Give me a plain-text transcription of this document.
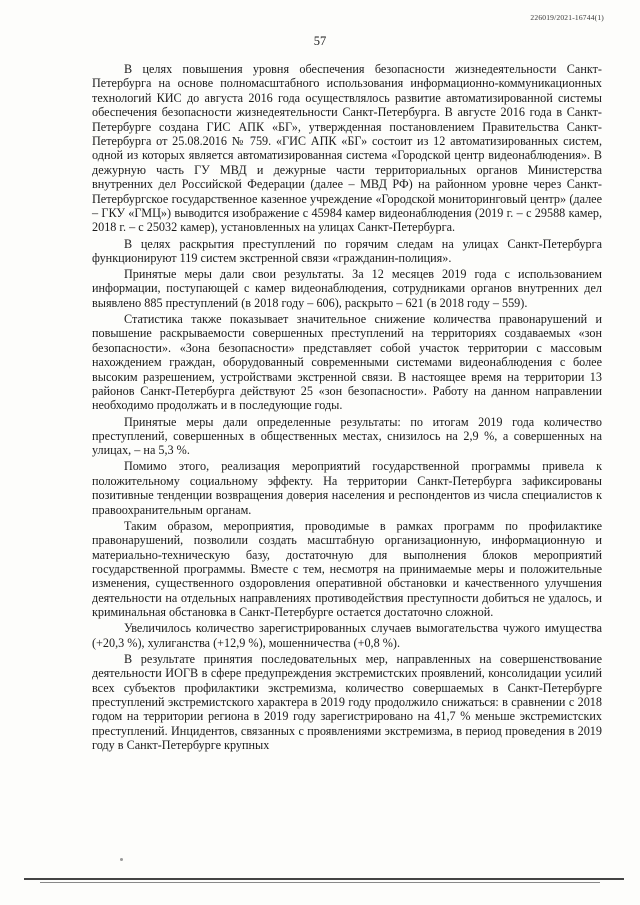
226019/2021-16744(1)
57

В целях повышения уровня обеспечения безопасности жизнедеятельности Санкт-Петербурга на основе полномасштабного использования информационно-коммуникационных технологий КИС до августа 2016 года осуществлялось развитие автоматизированной системы обеспечения безопасности жизнедеятельности Санкт-Петербурга. В августе 2016 года в Санкт-Петербурге создана ГИС АПК «БГ», утвержденная постановлением Правительства Санкт-Петербурга от 25.08.2016 № 759. «ГИС АПК «БГ» состоит из 12 автоматизированных систем, одной из которых является автоматизированная система «Городской центр видеонаблюдения». В дежурную часть ГУ МВД и дежурные части территориальных органов Министерства внутренних дел Российской Федерации (далее – МВД РФ) на районном уровне через Санкт-Петербургское государственное казенное учреждение «Городской мониторинговый центр» (далее – ГКУ «ГМЦ») выводится изображение с 45984 камер видеонаблюдения (2019 г. – с 29588 камер, 2018 г. – с 25032 камер), установленных на улицах Санкт-Петербурга.

В целях раскрытия преступлений по горячим следам на улицах Санкт-Петербурга функционируют 119 систем экстренной связи «гражданин-полиция».

Принятые меры дали свои результаты. За 12 месяцев 2019 года с использованием информации, поступающей с камер видеонаблюдения, сотрудниками органов внутренних дел выявлено 885 преступлений (в 2018 году – 606), раскрыто – 621 (в 2018 году – 559).

Статистика также показывает значительное снижение количества правонарушений и повышение раскрываемости совершенных преступлений на территориях создаваемых «зон безопасности». «Зона безопасности» представляет собой участок территории с массовым нахождением граждан, оборудованный современными системами видеонаблюдения с более высоким разрешением, устройствами экстренной связи. В настоящее время на территории 13 районов Санкт-Петербурга действуют 25 «зон безопасности». Работу на данном направлении необходимо продолжать и в последующие годы.

Принятые меры дали определенные результаты: по итогам 2019 года количество преступлений, совершенных в общественных местах, снизилось на 2,9 %, а совершенных на улицах, – на 5,3 %.

Помимо этого, реализация мероприятий государственной программы привела к положительному социальному эффекту. На территории Санкт-Петербурга зафиксированы позитивные тенденции возвращения доверия населения и респондентов из числа специалистов к правоохранительным органам.

Таким образом, мероприятия, проводимые в рамках программ по профилактике правонарушений, позволили создать масштабную организационную, информационную и материально-техническую базу, достаточную для выполнения блоков мероприятий государственной программы. Вместе с тем, несмотря на принимаемые меры и положительные изменения, существенного оздоровления оперативной обстановки и качественного улучшения деятельности на отдельных направлениях противодействия преступности добиться не удалось, и криминальная обстановка в Санкт-Петербурге остается достаточно сложной.

Увеличилось количество зарегистрированных случаев вымогательства чужого имущества (+20,3 %), хулиганства (+12,9 %), мошенничества (+0,8 %).

В результате принятия последовательных мер, направленных на совершенствование деятельности ИОГВ в сфере предупреждения экстремистских проявлений, консолидации усилий всех субъектов профилактики экстремизма, количество совершаемых в Санкт-Петербурге преступлений экстремистского характера в 2019 году продолжило снижаться: в сравнении с 2018 годом на территории региона в 2019 году зарегистрировано на 41,7 % меньше экстремистских преступлений. Инцидентов, связанных с проявлениями экстремизма, в период проведения в 2019 году в Санкт-Петербурге крупных
